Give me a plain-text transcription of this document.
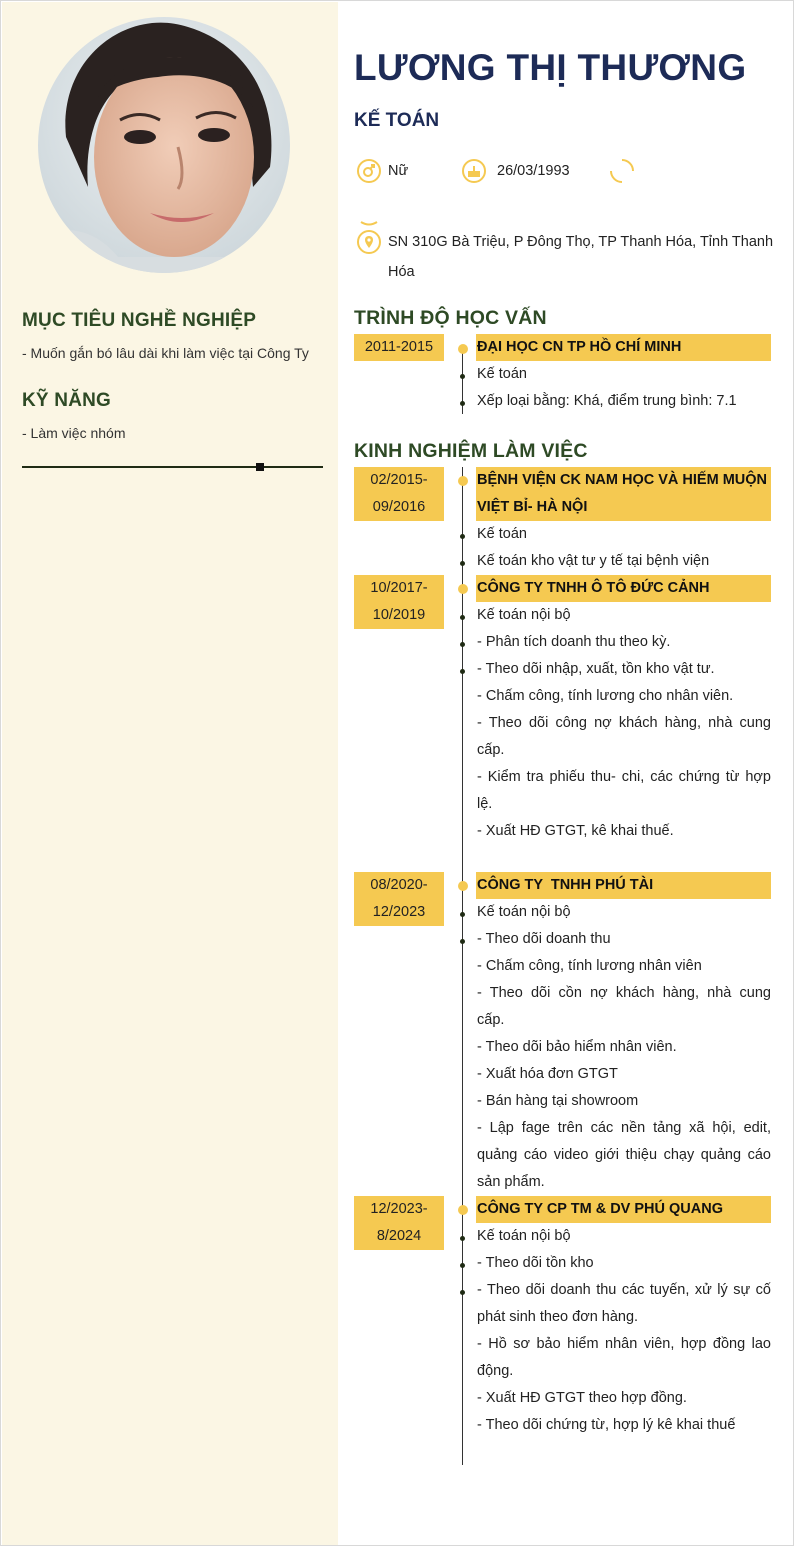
MỤC TIÊU NGHỀ NGHIỆP
- Muốn gắn bó lâu dài khi làm việc tại Công Ty
KỸ NĂNG
- Làm việc nhóm
LƯƠNG THỊ THƯƠNG
KẾ TOÁN
Nữ	26/03/1993
SN 310G Bà Triệu, P Đông Thọ, TP Thanh Hóa, Tỉnh Thanh
Hóa
TRÌNH ĐỘ HỌC VẤN
2011-2015	ĐẠI HỌC CN TP HỒ CHÍ MINH
Kế toán
Xếp loại bằng: Khá, điểm trung bình: 7.1
KINH NGHIỆM LÀM VIỆC
02/2015-
09/2016
BỆNH VIỆN CK NAM HỌC VÀ HIẾM MUỘN
VIỆT BỈ- HÀ NỘI
Kế toán
Kế toán kho vật tư y tế tại bệnh viện
10/2017-
10/2019
CÔNG TY TNHH Ô TÔ ĐỨC CẢNH
Kế toán nội bộ
- Phân tích doanh thu theo kỳ.
- Theo dõi nhập, xuất, tồn kho vật tư.
- Chấm công, tính lương cho nhân viên.
- Theo dõi công nợ khách hàng, nhà cung
cấp.
- Kiểm tra phiếu thu- chi, các chứng từ hợp
lệ.
- Xuất HĐ GTGT, kê khai thuế.
08/2020-
12/2023
CÔNG TY  TNHH PHÚ TÀI
Kế toán nội bộ
- Theo dõi doanh thu
- Chấm công, tính lương nhân viên
- Theo dõi cồn nợ khách hàng, nhà cung
cấp.
- Theo dõi bảo hiểm nhân viên.
- Xuất hóa đơn GTGT
- Bán hàng tại showroom
- Lập fage trên các nền tảng xã hội, edit,
quảng cáo video giới thiệu chạy quảng cáo
sản phẩm.
12/2023-
8/2024
CÔNG TY CP TM & DV PHÚ QUANG
Kế toán nội bộ
- Theo dõi tồn kho
- Theo dõi doanh thu các tuyến, xử lý sự cố
phát sinh theo đơn hàng.
- Hồ sơ bảo hiểm nhân viên, hợp đồng lao
động.
- Xuất HĐ GTGT theo hợp đồng.
- Theo dõi chứng từ, hợp lý kê khai thuế
